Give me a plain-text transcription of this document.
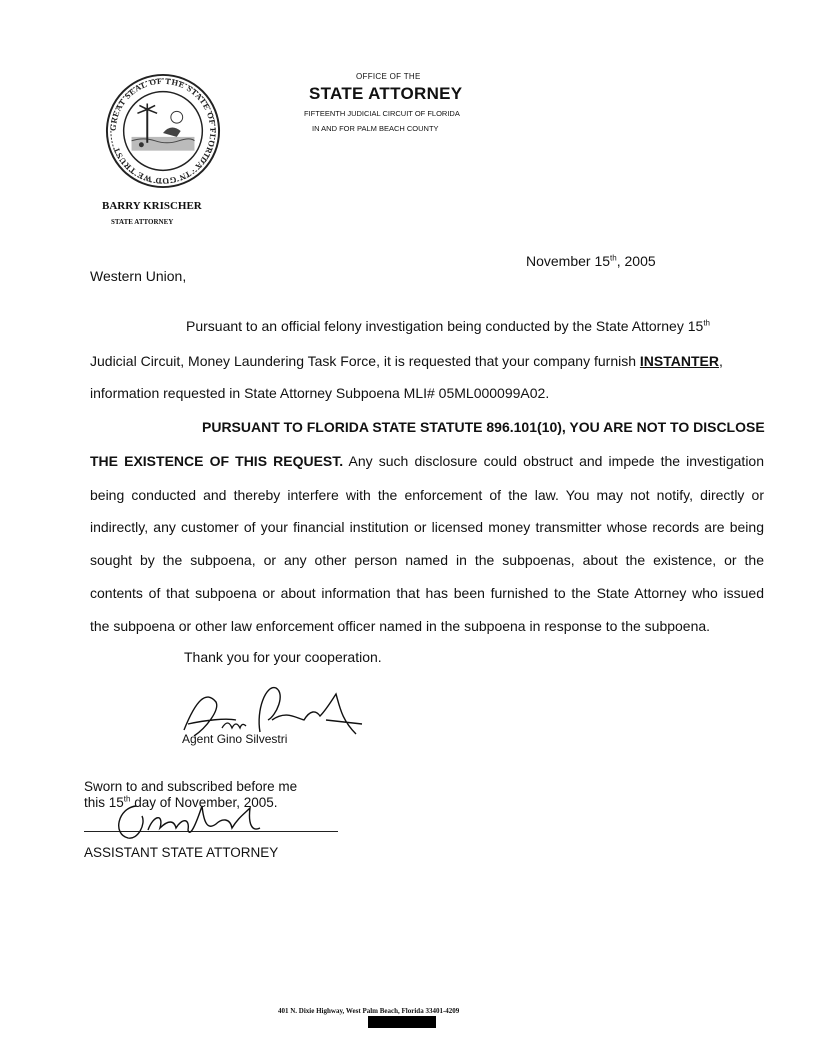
GREAT SEAL OF THE STATE OF FLORIDA · IN GOD WE TRUST
OFFICE OF THE
STATE ATTORNEY
FIFTEENTH JUDICIAL CIRCUIT OF FLORIDA
IN AND FOR PALM BEACH COUNTY
BARRY KRISCHER
STATE ATTORNEY
November 15th, 2005
Western Union,
Pursuant to an official felony investigation being conducted by the State Attorney 15th
Judicial Circuit, Money Laundering Task Force, it is requested that your company furnish INSTANTER,
information requested in State Attorney Subpoena MLI# 05ML000099A02.
PURSUANT TO FLORIDA STATE STATUTE 896.101(10), YOU ARE NOT TO DISCLOSE
THE EXISTENCE OF THIS REQUEST. Any such disclosure could obstruct and impede the investigation
being conducted and thereby interfere with the enforcement of the law. You may not notify, directly or
indirectly, any customer of your financial institution or licensed money transmitter whose records are being
sought by the subpoena, or any other person named in the subpoenas, about the existence, or the
contents of that subpoena or about information that has been furnished to the State Attorney who issued
the subpoena or other law enforcement officer named in the subpoena in response to the subpoena.
Thank you for your cooperation.
Agent Gino Silvestri
Sworn to and subscribed before me
this 15th day of November, 2005.
ASSISTANT STATE ATTORNEY
401 N. Dixie Highway, West Palm Beach, Florida 33401-4209
